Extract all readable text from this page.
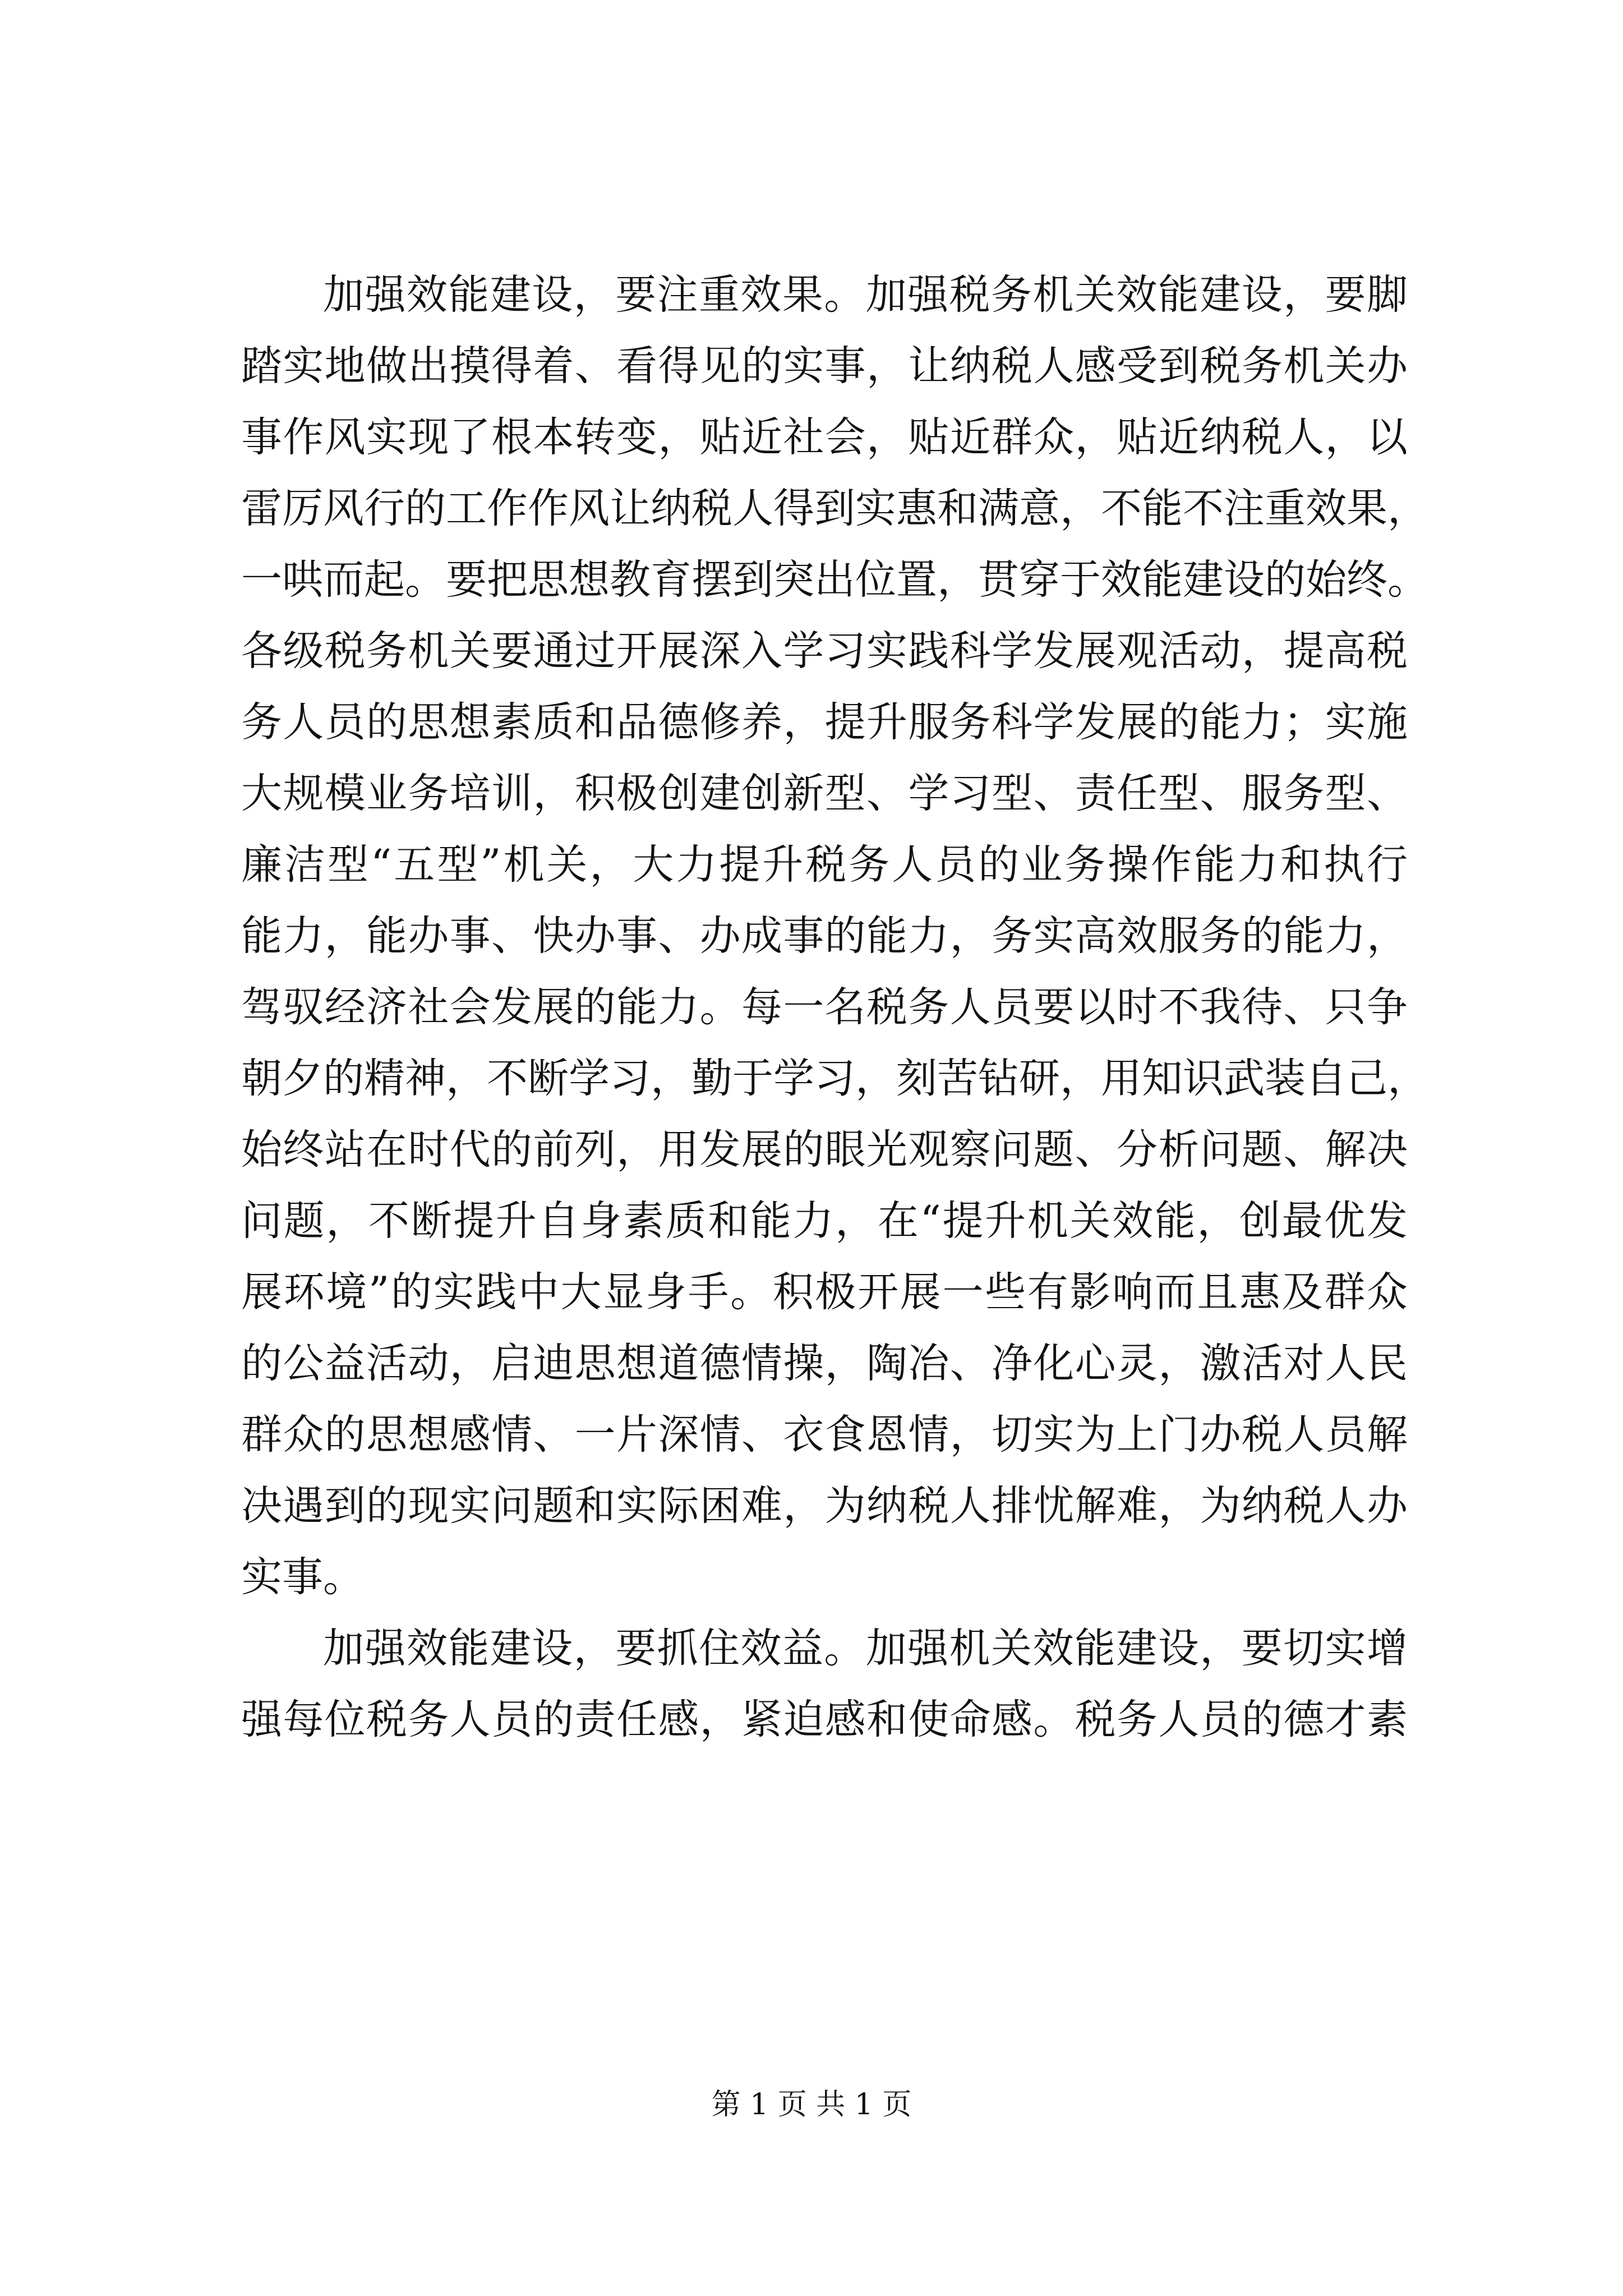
加强效能建设，要注重效果。加强税务机关效能建设，要脚
踏实地做出摸得着、看得见的实事，让纳税人感受到税务机关办
事作风实现了根本转变，贴近社会，贴近群众，贴近纳税人，以
雷厉风行的工作作风让纳税人得到实惠和满意，不能不注重效果，
一哄而起。要把思想教育摆到突出位置，贯穿于效能建设的始终。
各级税务机关要通过开展深入学习实践科学发展观活动，提高税
务人员的思想素质和品德修养，提升服务科学发展的能力；实施
大规模业务培训，积极创建创新型、学习型、责任型、服务型、
廉洁型“五型”机关，大力提升税务人员的业务操作能力和执行
能力，能办事、快办事、办成事的能力，务实高效服务的能力，
驾驭经济社会发展的能力。每一名税务人员要以时不我待、只争
朝夕的精神，不断学习，勤于学习，刻苦钻研，用知识武装自己，
始终站在时代的前列，用发展的眼光观察问题、分析问题、解决
问题，不断提升自身素质和能力，在“提升机关效能，创最优发
展环境”的实践中大显身手。积极开展一些有影响而且惠及群众
的公益活动，启迪思想道德情操，陶冶、净化心灵，激活对人民
群众的思想感情、一片深情、衣食恩情，切实为上门办税人员解
决遇到的现实问题和实际困难，为纳税人排忧解难，为纳税人办
实事。
加强效能建设，要抓住效益。加强机关效能建设，要切实增
强每位税务人员的责任感，紧迫感和使命感。税务人员的德才素
第 1 页 共 1 页
